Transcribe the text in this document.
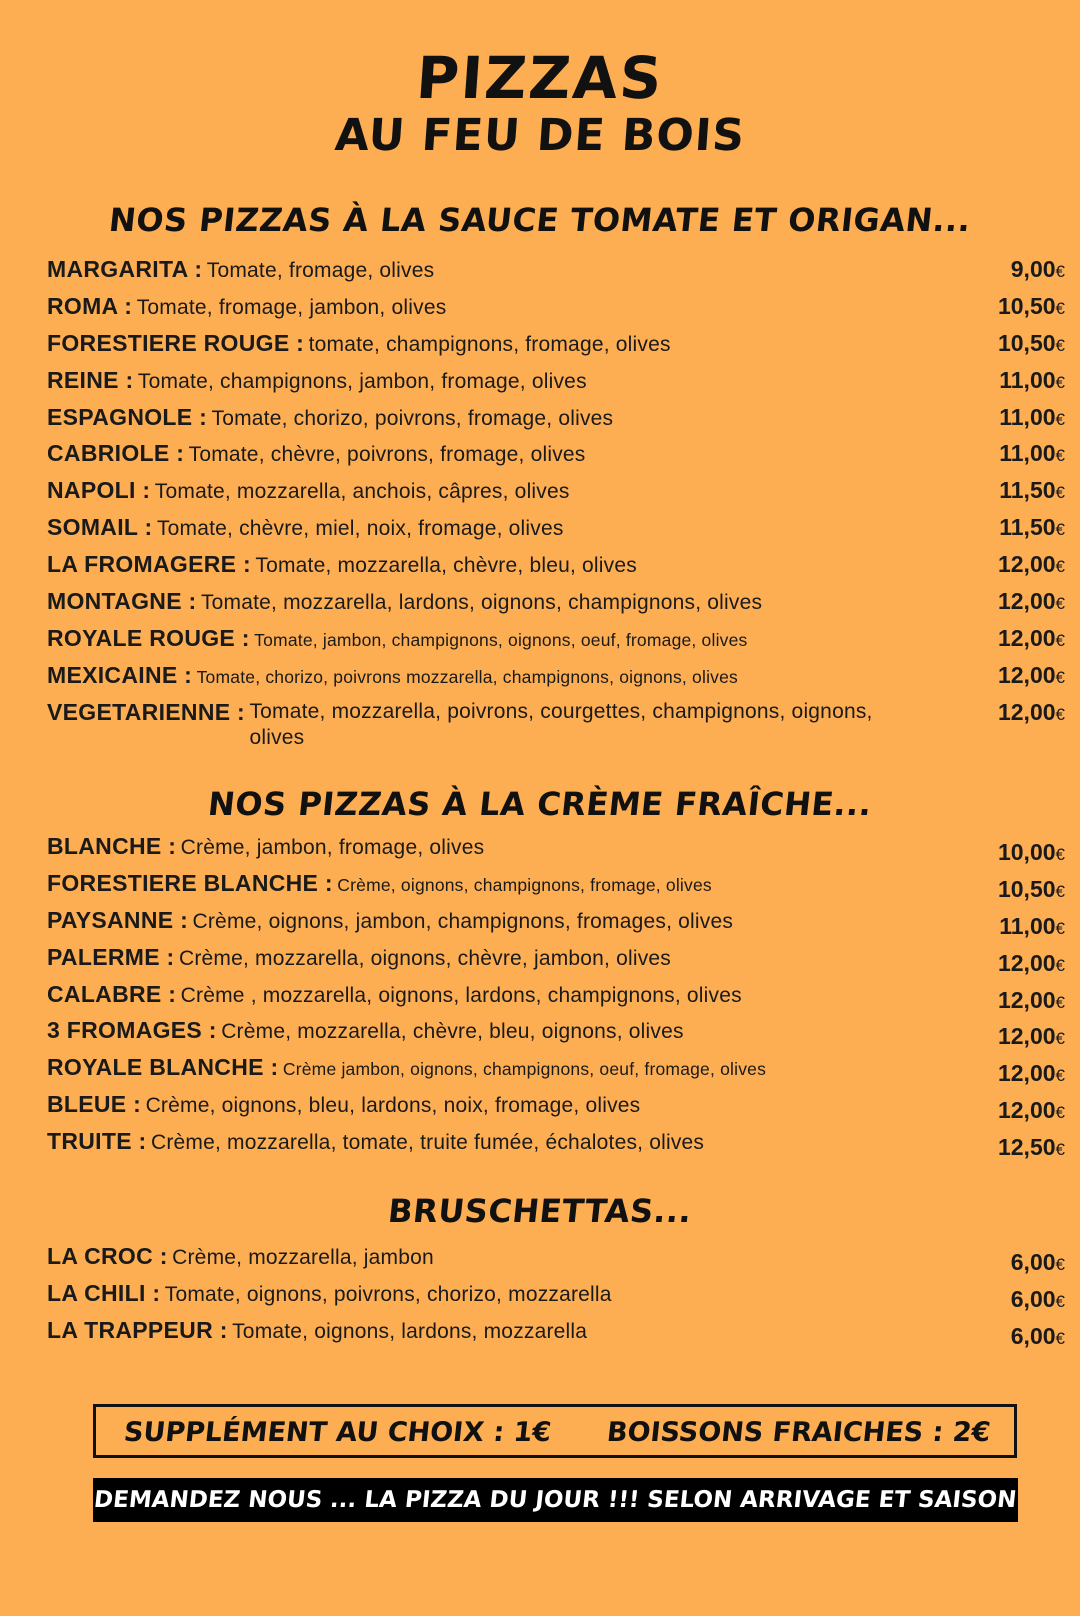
PIZZAS
AU FEU DE BOIS
NOS PIZZAS À LA SAUCE TOMATE ET ORIGAN...
MARGARITA : Tomate, fromage, olives	9,00€
ROMA : Tomate, fromage, jambon, olives	10,50€
FORESTIERE ROUGE : tomate, champignons, fromage, olives	10,50€
REINE : Tomate, champignons, jambon, fromage, olives	11,00€
ESPAGNOLE : Tomate, chorizo, poivrons, fromage, olives	11,00€
CABRIOLE : Tomate, chèvre, poivrons, fromage, olives	11,00€
NAPOLI : Tomate, mozzarella, anchois, câpres, olives	11,50€
SOMAIL : Tomate, chèvre, miel, noix, fromage, olives	11,50€
LA FROMAGERE : Tomate, mozzarella, chèvre, bleu, olives	12,00€
MONTAGNE : Tomate, mozzarella, lardons, oignons, champignons, olives	12,00€
ROYALE ROUGE : Tomate, jambon, champignons, oignons, oeuf, fromage, olives	12,00€
MEXICAINE : Tomate, chorizo, poivrons mozzarella, champignons, oignons, olives	12,00€
VEGETARIENNE : Tomate, mozzarella, poivrons, courgettes, champignons, oignons, olives
12,00€
NOS PIZZAS À LA CRÈME FRAÎCHE...
BLANCHE : Crème, jambon, fromage, olives	10,00€
FORESTIERE BLANCHE : Crème, oignons, champignons, fromage, olives	10,50€
PAYSANNE : Crème, oignons, jambon, champignons, fromages, olives	11,00€
PALERME : Crème, mozzarella, oignons, chèvre, jambon, olives	12,00€
CALABRE : Crème , mozzarella, oignons, lardons, champignons, olives	12,00€
3 FROMAGES : Crème, mozzarella, chèvre, bleu, oignons, olives	12,00€
ROYALE BLANCHE : Crème jambon, oignons, champignons, oeuf, fromage, olives	12,00€
BLEUE : Crème, oignons, bleu, lardons, noix, fromage, olives	12,00€
TRUITE : Crème, mozzarella, tomate, truite fumée, échalotes, olives	12,50€
BRUSCHETTAS...
LA CROC : Crème, mozzarella, jambon	6,00€
LA CHILI : Tomate, oignons, poivrons, chorizo, mozzarella	6,00€
LA TRAPPEUR : Tomate, oignons, lardons, mozzarella	6,00€
SUPPLÉMENT AU CHOIX : 1€ BOISSONS FRAICHES : 2€
DEMANDEZ NOUS ... LA PIZZA DU JOUR !!! SELON ARRIVAGE ET SAISON
